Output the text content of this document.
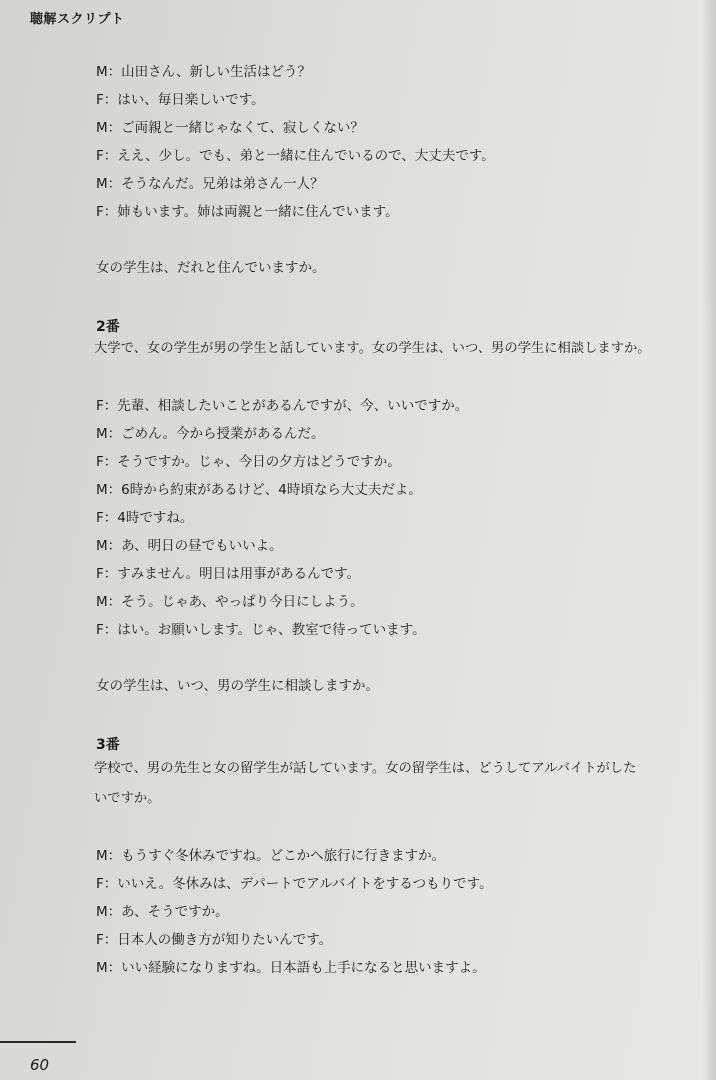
聴解スクリプト
M：山田さん、新しい生活はどう？
F：はい、毎日楽しいです。
M：ご両親と一緒じゃなくて、寂しくない？
F：ええ、少し。でも、弟と一緒に住んでいるので、大丈夫です。
M：そうなんだ。兄弟は弟さん一人？
F：姉もいます。姉は両親と一緒に住んでいます。
女の学生は、だれと住んでいますか。
2番
大学で、女の学生が男の学生と話しています。女の学生は、いつ、男の学生に相談しますか。
F：先輩、相談したいことがあるんですが、今、いいですか。
M：ごめん。今から授業があるんだ。
F：そうですか。じゃ、今日の夕方はどうですか。
M：6時から約束があるけど、4時頃なら大丈夫だよ。
F：4時ですね。
M：あ、明日の昼でもいいよ。
F：すみません。明日は用事があるんです。
M：そう。じゃあ、やっぱり今日にしよう。
F：はい。お願いします。じゃ、教室で待っています。
女の学生は、いつ、男の学生に相談しますか。
3番
学校で、男の先生と女の留学生が話しています。女の留学生は、どうしてアルバイトがした
いですか。
M：もうすぐ冬休みですね。どこかへ旅行に行きますか。
F：いいえ。冬休みは、デパートでアルバイトをするつもりです。
M：あ、そうですか。
F：日本人の働き方が知りたいんです。
M：いい経験になりますね。日本語も上手になると思いますよ。
60
